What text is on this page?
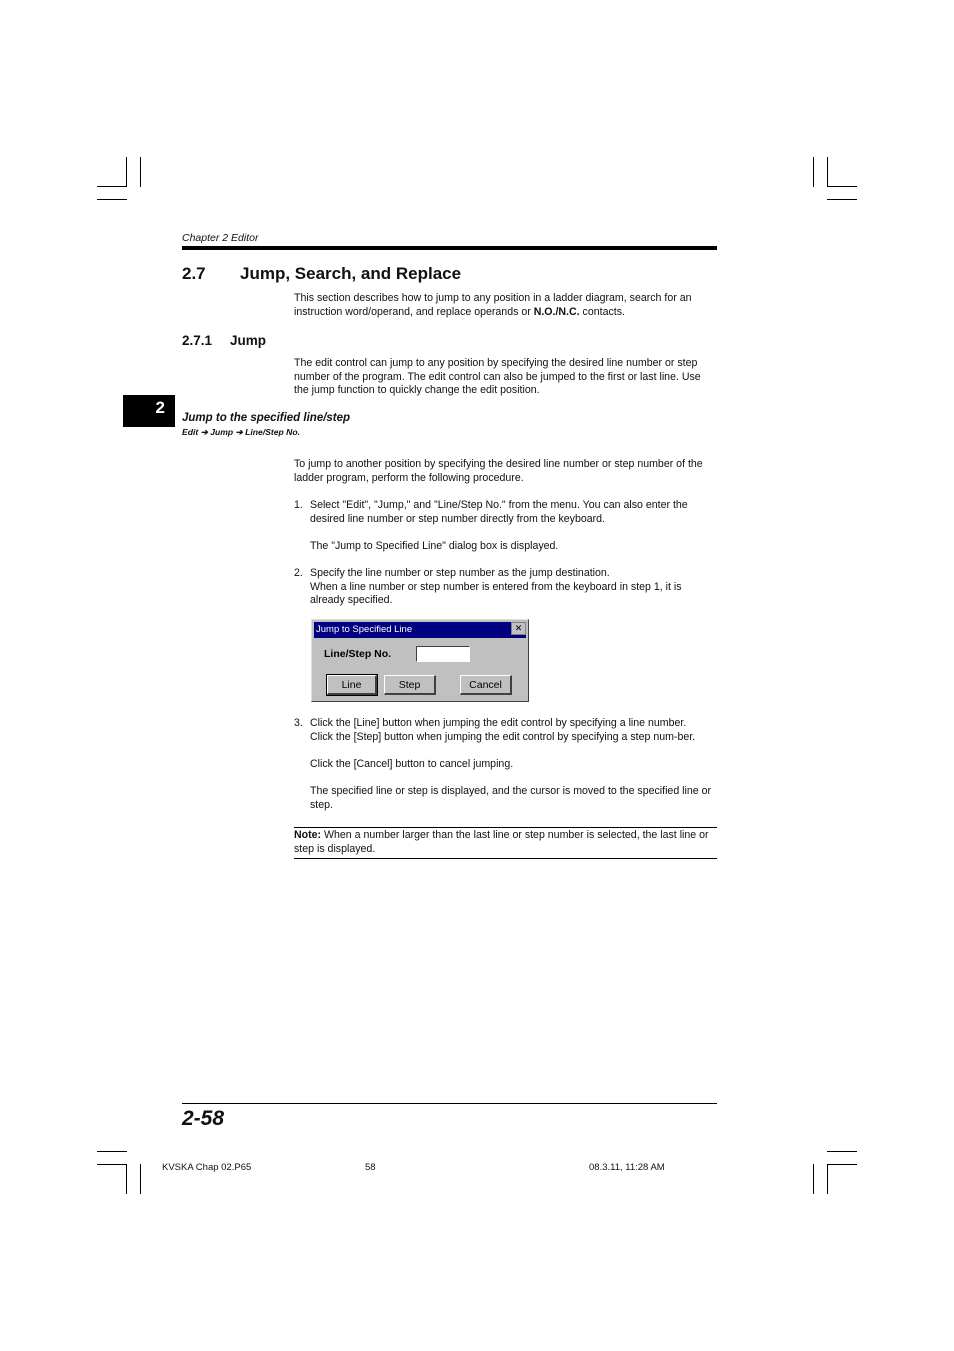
Chapter 2 Editor
2.7 Jump, Search, and Replace
This section describes how to jump to any position in a ladder diagram, search for an instruction word/operand, and replace operands or N.O./N.C. contacts.
2.7.1 Jump
The edit control can jump to any position by specifying the desired line number or step number of the program. The edit control can also be jumped to the first or last line. Use the jump function to quickly change the edit position.
2
Jump to the specified line/step
Edit ➔ Jump ➔ Line/Step No.
To jump to another position by specifying the desired line number or step number of the ladder program, perform the following procedure.
1. Select "Edit", "Jump," and "Line/Step No." from the menu. You can also enter the desired line number or step number directly from the keyboard.
The "Jump to Specified Line" dialog box is displayed.
2. Specify the line number or step number as the jump destination.
When a line number or step number is entered from the keyboard in step 1, it is already specified.
Jump to Specified Line	✕
Line/Step No.
Line	Step	Cancel
3. Click the [Line] button when jumping the edit control by specifying a line number.
Click the [Step] button when jumping the edit control by specifying a step num-ber.
Click the [Cancel] button to cancel jumping.
The specified line or step is displayed, and the cursor is moved to the specified line or step.
Note: When a number larger than the last line or step number is selected, the last line or step is displayed.
2-58
KVSKA Chap 02.P65	58	08.3.11, 11:28 AM
